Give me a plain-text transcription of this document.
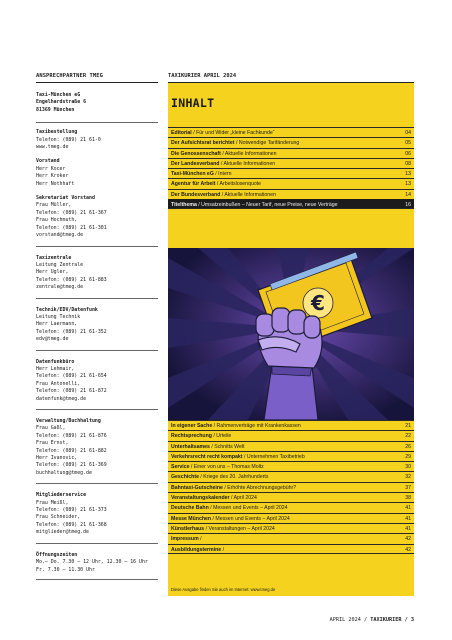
ANSPRECHPARTNER TMEG
Taxi-München eG
Engelhardstraße 6
81369 München
Taxibestellung
Telefon: (089) 21 61-0
www.tmeg.de
Vorstand
Herr Kocer
Herr Kroker
Herr Nothhaft
Sekretariat Vorstand
Frau Müller,
Telefon: (089) 21 61-367
Frau Hochmuth,
Telefon: (089) 21 61-301
vorstand@tmeg.de
Taxizentrale
Leitung Zentrale
Herr Ugler,
Telefon: (089) 21 61-883
zentrale@tmeg.de
Technik/EDV/Datenfunk
Leitung Technik
Herr Laermann,
Telefon: (089) 21 61-352
edv@tmeg.de
Datenfunkbüro
Herr Lehmair,
Telefon: (089) 21 61-654
Frau Antonelli,
Telefon: (089) 21 61-872
datenfunk@tmeg.de
Verwaltung/Buchhaltung
Frau Gaßl,
Telefon: (089) 21 61-876
Frau Ernst,
Telefon: (089) 21 61-882
Herr Ivanovic,
Telefon: (089) 21 61-369
buchhaltung@tmeg.de
Mitgliederservice
Frau Meißl,
Telefon: (089) 21 61-373
Frau Schneider,
Telefon: (089) 21 61-368
mitglieder@tmeg.de
Öffnungszeiten
Mo.– Do. 7.30 – 12 Uhr, 12.30 – 16 Uhr
Fr. 7.30 – 11.30 Uhr
TAXIKURIER APRIL 2024
INHALT
Editorial / Für und Wider „kleine Fachkunde“	04
Der Aufsichtsrat berichtet / Notwendige Tarifänderung	05
Die Genossenschaft / Aktuelle Informationen	06
Der Landesverband / Aktuelle Informationen	08
Taxi-München eG / Intern	13
Agentur für Arbeit / Arbeitslosenquote	13
Der Bundesverband / Aktuelle Informationen	14
Titelthema / Umsatzeinbußen – Neuer Tarif, neue Preise, neue Verträge	16
€
In eigener Sache / Rahmenverträge mit Krankenkassen	21
Rechtsprechung / Urteile	22
Unterhaltsames / Schnitts Welt	26
Verkehrsrecht recht kompakt / Unternehmen Taxibetrieb	29
Service / Einer von uns – Thomas Moltz	30
Geschichte / Kriege des 20. Jahrhunderts	32
Bahntaxi-Gutscheine / Erhöhte Abrechnungsgebühr?	37
Veranstaltungskalender / April 2024	38
Deutsche Bahn / Messen und Events – April 2024	41
Messe München / Messen und Events – April 2024	41
Künstlerhaus / Veranstaltungen – April 2024	41
Impressum /	42
Ausbildungstermine /	42
Diese Ausgabe finden Sie auch im Internet: www.tmeg.de
APRIL 2024 / TAXIKURIER / 3
